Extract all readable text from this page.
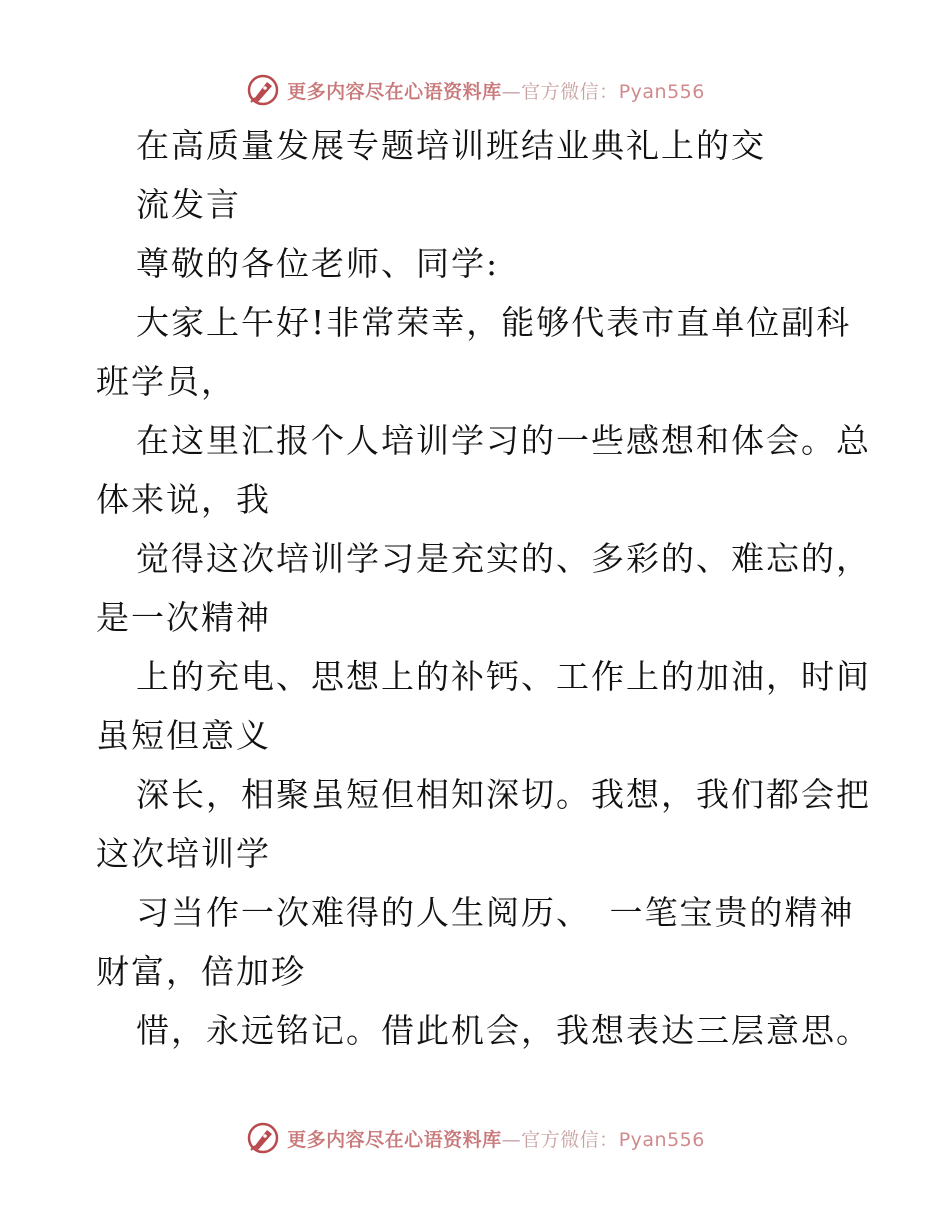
更多内容尽在心语资料库—官方微信：Pyan556
在高质量发展专题培训班结业典礼上的交
流发言
尊敬的各位老师、同学:
大家上午好!非常荣幸，能够代表市直单位副科
班学员，
在这里汇报个人培训学习的一些感想和体会。总
体来说，我
觉得这次培训学习是充实的、多彩的、难忘的，
是一次精神
上的充电、思想上的补钙、工作上的加油，时间
虽短但意义
深长，相聚虽短但相知深切。我想，我们都会把
这次培训学
习当作一次难得的人生阅历、　一笔宝贵的精神
财富，倍加珍
惜，永远铭记。借此机会，我想表达三层意思。
更多内容尽在心语资料库—官方微信：Pyan556
